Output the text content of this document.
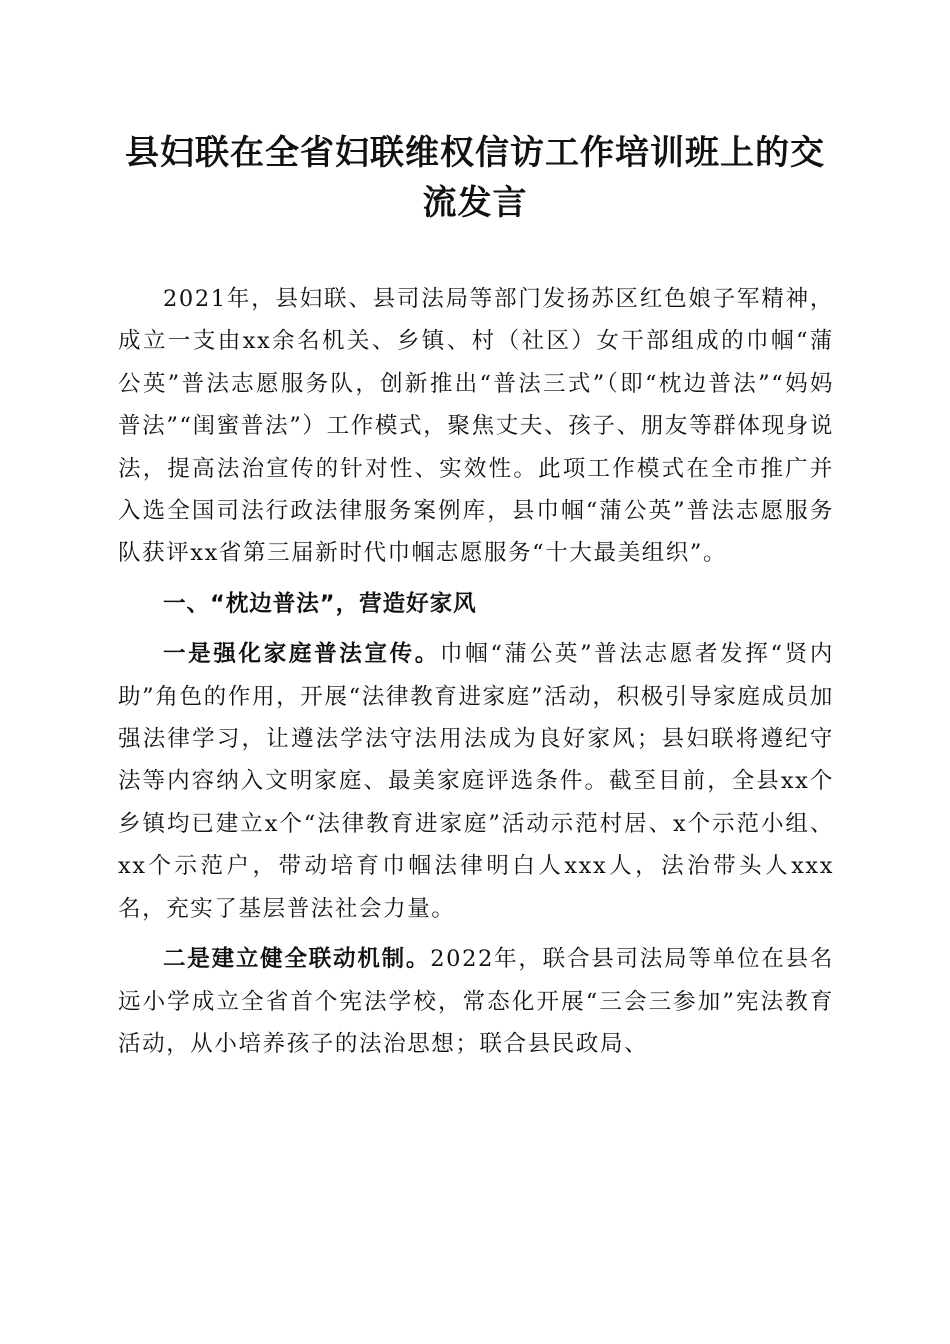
县妇联在全省妇联维权信访工作培训班上的交
流发言

2021年，县妇联、县司法局等部门发扬苏区红色娘子军精神，成立一支由xx余名机关、乡镇、村（社区）女干部组成的巾帼“蒲公英”普法志愿服务队，创新推出“普法三式”（即“枕边普法”“妈妈普法”“闺蜜普法”）工作模式，聚焦丈夫、孩子、朋友等群体现身说法，提高法治宣传的针对性、实效性。此项工作模式在全市推广并入选全国司法行政法律服务案例库，县巾帼“蒲公英”普法志愿服务队获评xx省第三届新时代巾帼志愿服务“十大最美组织”。

一、“枕边普法”，营造好家风

一是强化家庭普法宣传。巾帼“蒲公英”普法志愿者发挥“贤内助”角色的作用，开展“法律教育进家庭”活动，积极引导家庭成员加强法律学习，让遵法学法守法用法成为良好家风；县妇联将遵纪守法等内容纳入文明家庭、最美家庭评选条件。截至目前，全县xx个乡镇均已建立x个“法律教育进家庭”活动示范村居、x个示范小组、xx个示范户，带动培育巾帼法律明白人xxx人，法治带头人xxx名，充实了基层普法社会力量。

二是建立健全联动机制。2022年，联合县司法局等单位在县名远小学成立全省首个宪法学校，常态化开展“三会三参加”宪法教育活动，从小培养孩子的法治思想；联合县民政局、
